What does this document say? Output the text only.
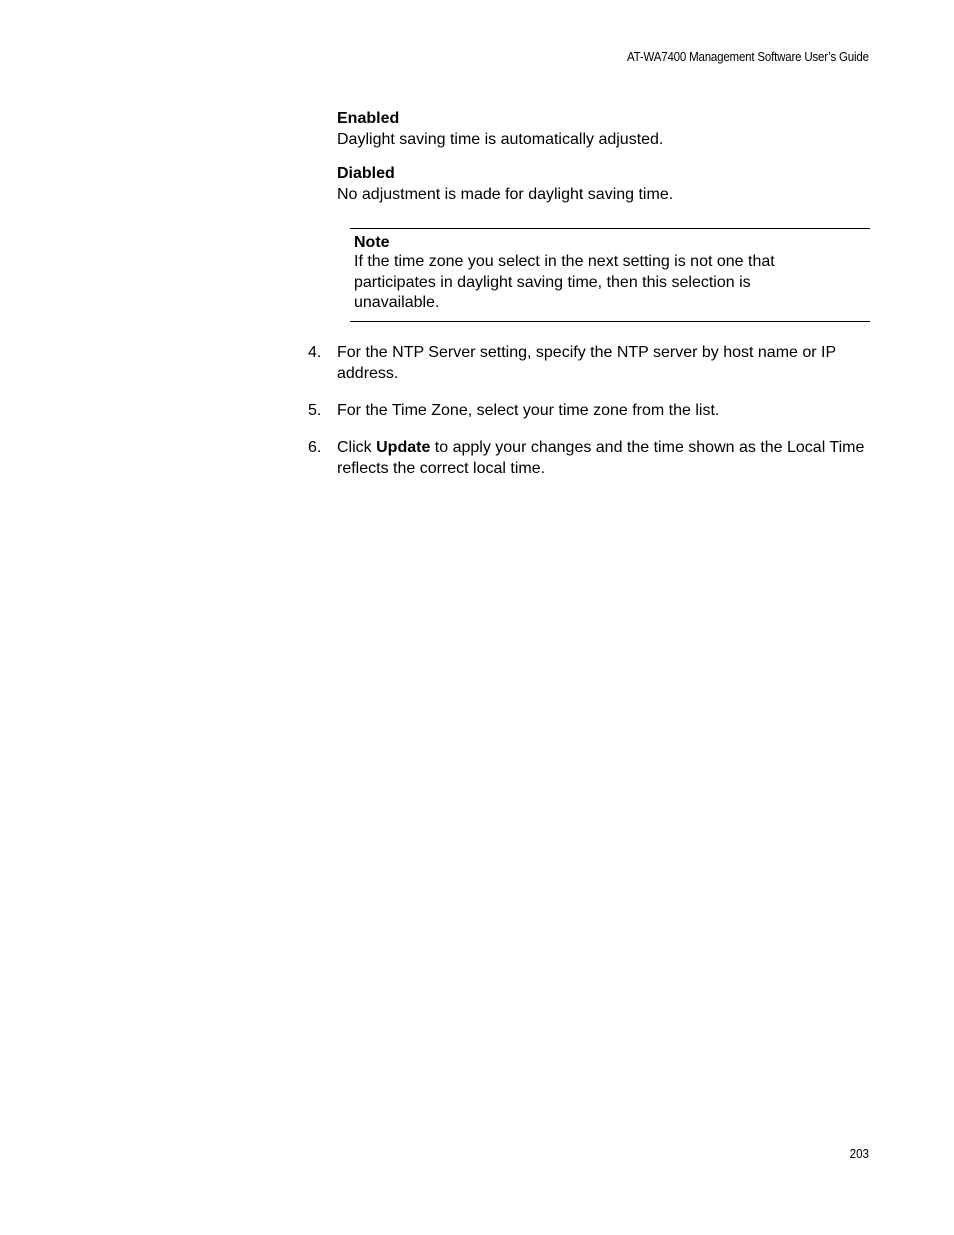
AT-WA7400 Management Software User’s Guide

Enabled

Daylight saving time is automatically adjusted.

Diabled

No adjustment is made for daylight saving time.

Note
If the time zone you select in the next setting is not one that participates in daylight saving time, then this selection is unavailable.
4. For the NTP Server setting, specify the NTP server by host name or IP address.
5. For the Time Zone, select your time zone from the list.
6. Click Update to apply your changes and the time shown as the Local Time reflects the correct local time.
203
